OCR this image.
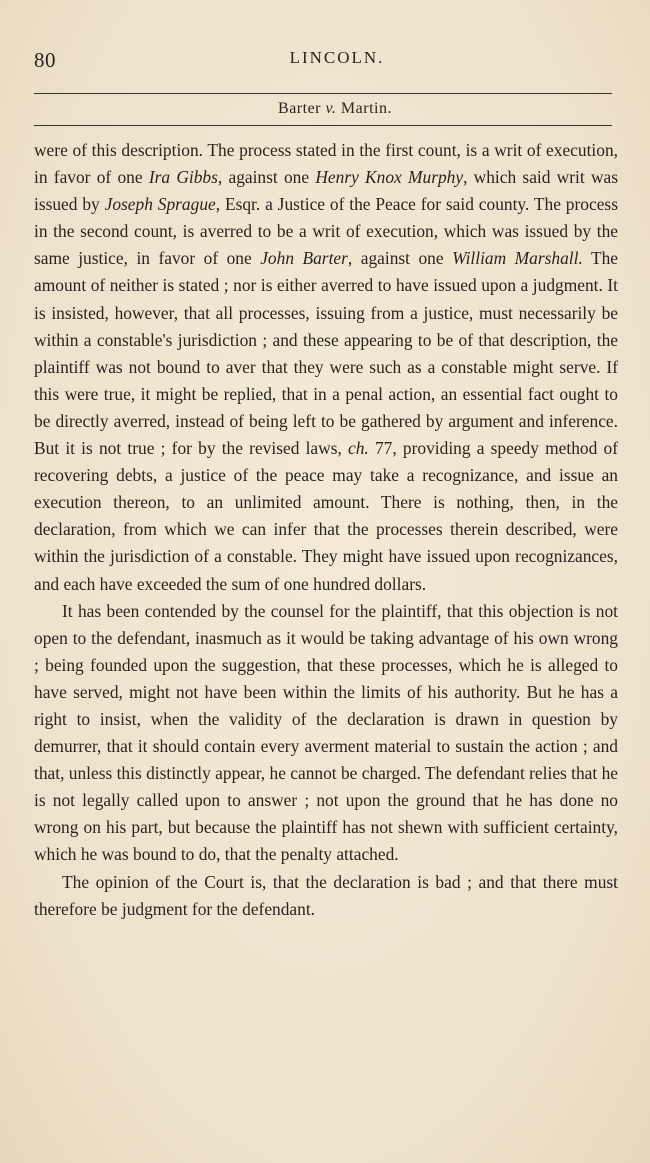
80	LINCOLN.
Barter v. Martin.

were of this description. The process stated in the first count, is a writ of execution, in favor of one Ira Gibbs, against one Henry Knox Murphy, which said writ was issued by Joseph Sprague, Esqr. a Justice of the Peace for said county. The process in the second count, is averred to be a writ of execution, which was issued by the same justice, in favor of one John Barter, against one William Marshall. The amount of neither is stated ; nor is either averred to have issued upon a judgment. It is insisted, however, that all processes, issuing from a justice, must necessarily be within a constable's jurisdiction ; and these appearing to be of that description, the plaintiff was not bound to aver that they were such as a constable might serve. If this were true, it might be replied, that in a penal action, an essential fact ought to be directly averred, instead of being left to be gathered by argument and inference. But it is not true ; for by the revised laws, ch. 77, providing a speedy method of recovering debts, a justice of the peace may take a recognizance, and issue an execution thereon, to an unlimited amount. There is nothing, then, in the declaration, from which we can infer that the processes therein described, were within the jurisdiction of a constable. They might have issued upon recognizances, and each have exceeded the sum of one hundred dollars.

It has been contended by the counsel for the plaintiff, that this objection is not open to the defendant, inasmuch as it would be taking advantage of his own wrong ; being founded upon the suggestion, that these processes, which he is alleged to have served, might not have been within the limits of his authority. But he has a right to insist, when the validity of the declaration is drawn in question by demurrer, that it should contain every averment material to sustain the action ; and that, unless this distinctly appear, he cannot be charged. The defendant relies that he is not legally called upon to answer ; not upon the ground that he has done no wrong on his part, but because the plaintiff has not shewn with sufficient certainty, which he was bound to do, that the penalty attached.

The opinion of the Court is, that the declaration is bad ; and that there must therefore be judgment for the defendant.
